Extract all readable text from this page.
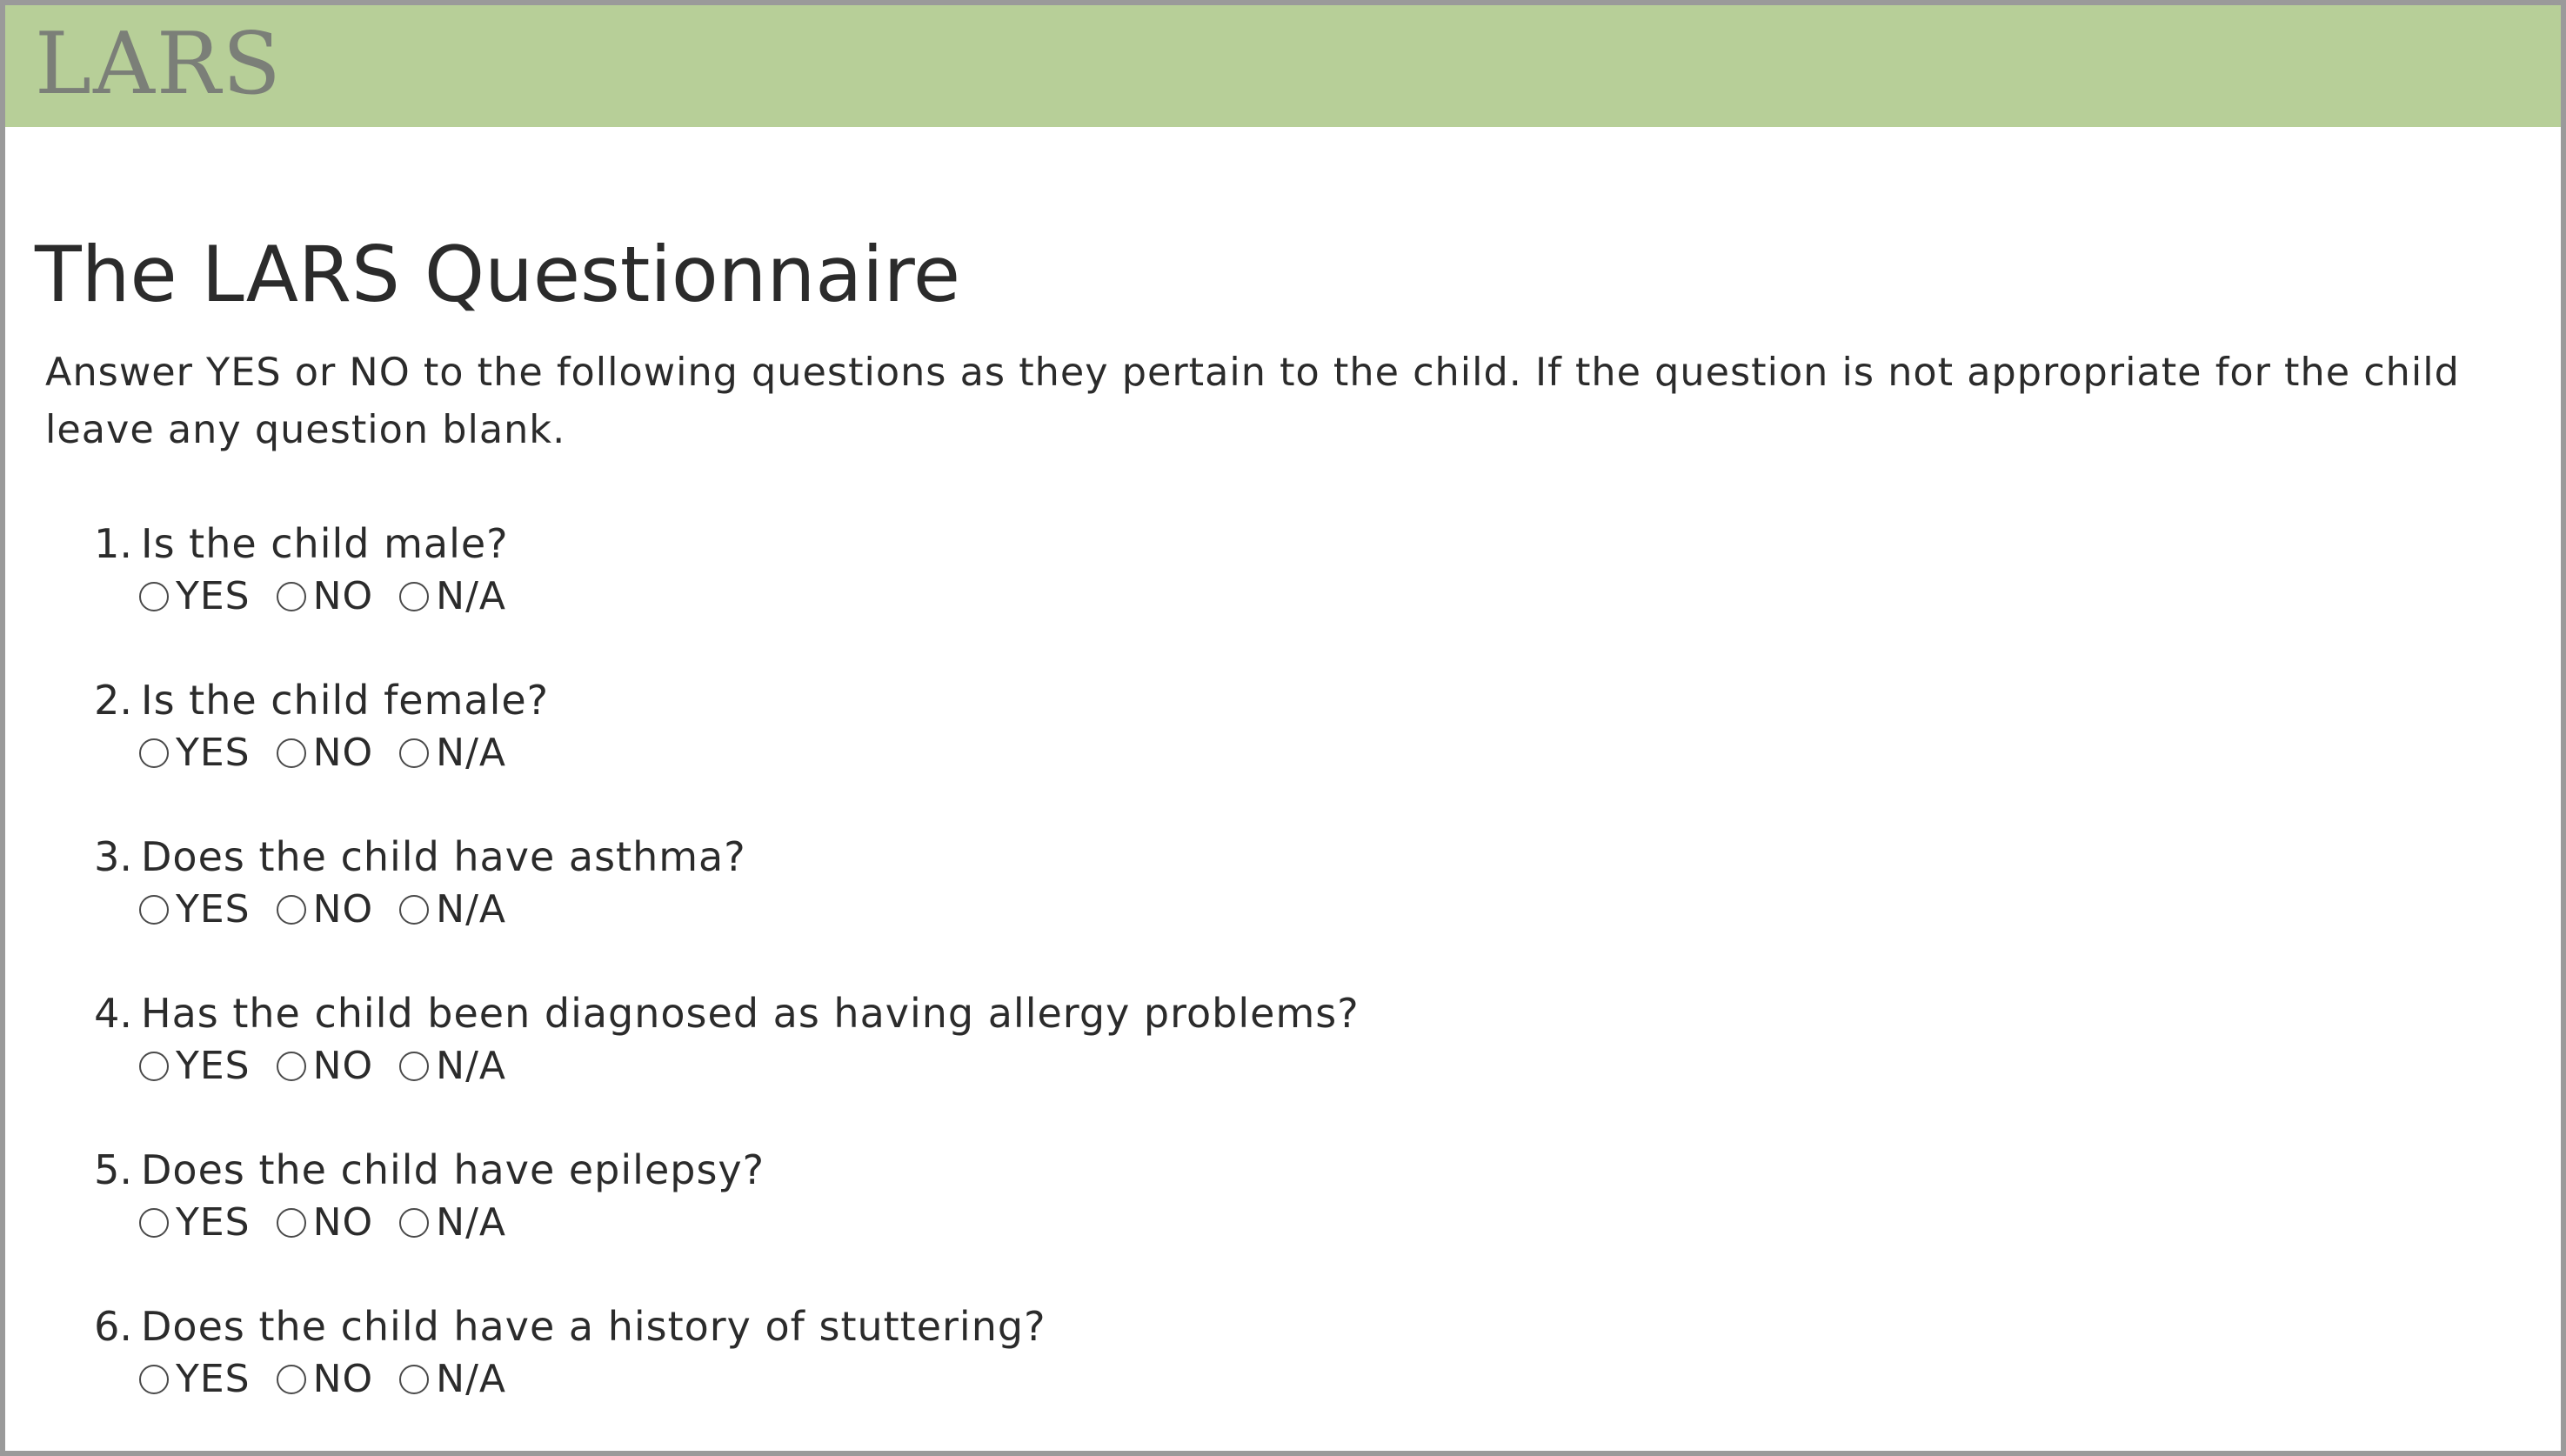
LARS
The LARS Questionnaire

Answer YES or NO to the following questions as they pertain to the child. If the question is not appropriate for the child leave any question blank.

1. Is the child male?
YES NO N/A
2. Is the child female?
YES NO N/A
3. Does the child have asthma?
YES NO N/A
4. Has the child been diagnosed as having allergy problems?
YES NO N/A
5. Does the child have epilepsy?
YES NO N/A
6. Does the child have a history of stuttering?
YES NO N/A
